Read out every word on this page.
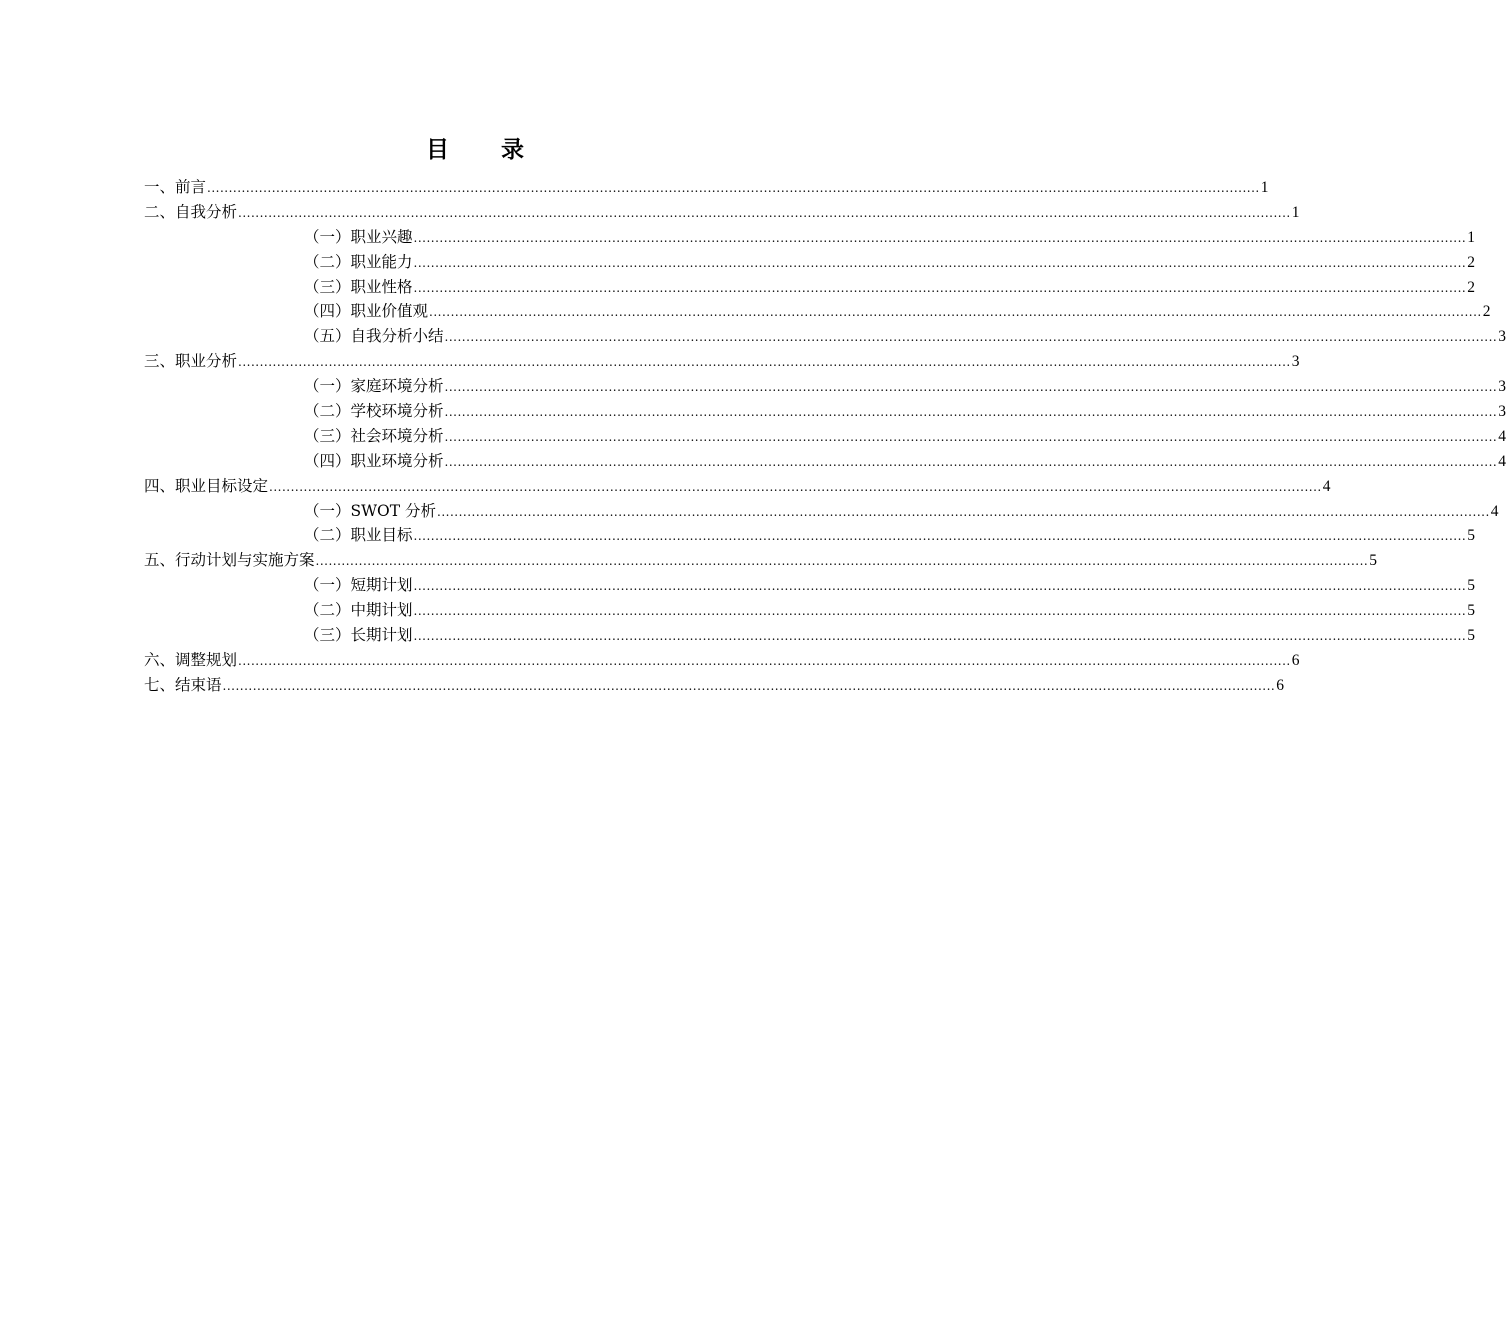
目 录
一、前言 .................................................................................................................................................................................................................................................... 1
二、自我分析 .................................................................................................................................................................................................................................................... 1
（一）职业兴趣 .................................................................................................................................................................................................................................................... 1
（二）职业能力 .................................................................................................................................................................................................................................................... 2
（三）职业性格 .................................................................................................................................................................................................................................................... 2
（四）职业价值观 .................................................................................................................................................................................................................................................... 2
（五）自我分析小结 .................................................................................................................................................................................................................................................... 3
三、职业分析 .................................................................................................................................................................................................................................................... 3
（一）家庭环境分析 .................................................................................................................................................................................................................................................... 3
（二）学校环境分析 .................................................................................................................................................................................................................................................... 3
（三）社会环境分析 .................................................................................................................................................................................................................................................... 4
（四）职业环境分析 .................................................................................................................................................................................................................................................... 4
四、职业目标设定 .................................................................................................................................................................................................................................................... 4
（一）SWOT 分析 .................................................................................................................................................................................................................................................... 4
（二）职业目标 .................................................................................................................................................................................................................................................... 5
五、行动计划与实施方案 .................................................................................................................................................................................................................................................... 5
（一）短期计划 .................................................................................................................................................................................................................................................... 5
（二）中期计划 .................................................................................................................................................................................................................................................... 5
（三）长期计划 .................................................................................................................................................................................................................................................... 5
六、调整规划 .................................................................................................................................................................................................................................................... 6
七、结束语 .................................................................................................................................................................................................................................................... 6
